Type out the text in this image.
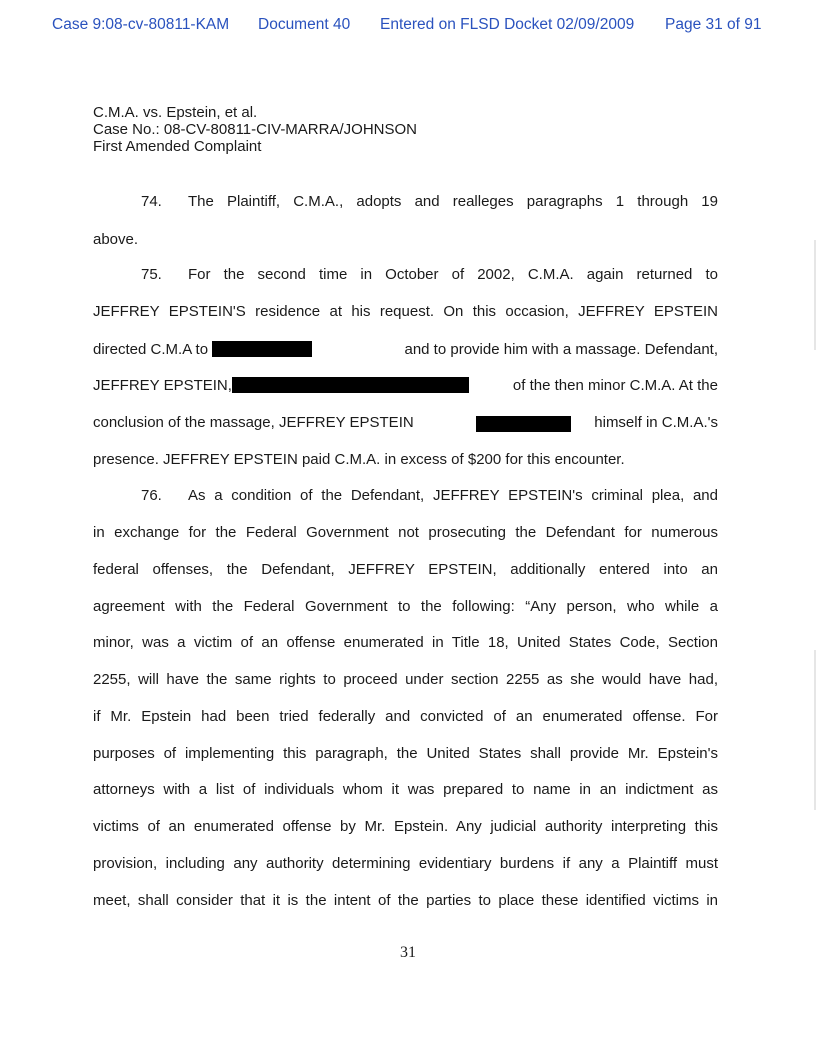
Case 9:08-cv-80811-KAM Document 40 Entered on FLSD Docket 02/09/2009 Page 31 of 91
C.M.A. vs. Epstein, et al.
Case No.: 08-CV-80811-CIV-MARRA/JOHNSON
First Amended Complaint
74. The Plaintiff, C.M.A., adopts and realleges paragraphs 1 through 19
above.
75. For the second time in October of 2002, C.M.A. again returned to
JEFFREY EPSTEIN'S residence at his request. On this occasion, JEFFREY EPSTEIN
directed C.M.A to	and to provide him with a massage. Defendant,
JEFFREY EPSTEIN,	of the then minor C.M.A. At the
conclusion of the massage, JEFFREY EPSTEIN	himself in C.M.A.'s
presence. JEFFREY EPSTEIN paid C.M.A. in excess of $200 for this encounter.
76. As a condition of the Defendant, JEFFREY EPSTEIN's criminal plea, and
in exchange for the Federal Government not prosecuting the Defendant for numerous
federal offenses, the Defendant, JEFFREY EPSTEIN, additionally entered into an
agreement with the Federal Government to the following: “Any person, who while a
minor, was a victim of an offense enumerated in Title 18, United States Code, Section
2255, will have the same rights to proceed under section 2255 as she would have had,
if Mr. Epstein had been tried federally and convicted of an enumerated offense. For
purposes of implementing this paragraph, the United States shall provide Mr. Epstein's
attorneys with a list of individuals whom it was prepared to name in an indictment as
victims of an enumerated offense by Mr. Epstein. Any judicial authority interpreting this
provision, including any authority determining evidentiary burdens if any a Plaintiff must
meet, shall consider that it is the intent of the parties to place these identified victims in
31
